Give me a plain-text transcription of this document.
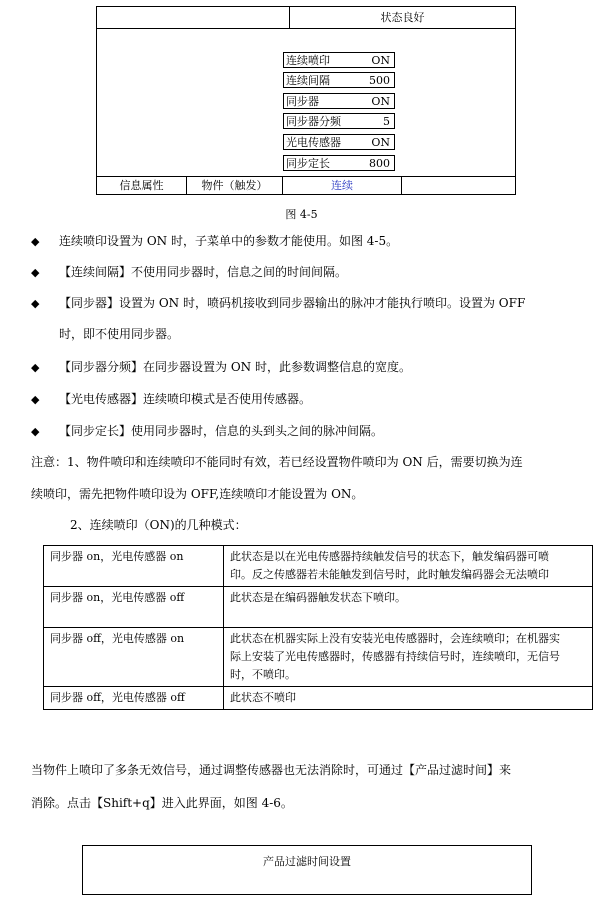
状态良好
连续喷印	ON
连续间隔	500
同步器	ON
同步器分频	5
光电传感器	ON
同步定长	800
信息属性	物件（触发）	连续
图 4-5
◆ 连续喷印设置为 ON 时，子菜单中的参数才能使用。如图 4-5。
◆ 【连续间隔】不使用同步器时，信息之间的时间间隔。
◆ 【同步器】设置为 ON 时，喷码机接收到同步器输出的脉冲才能执行喷印。设置为 OFF
时，即不使用同步器。
◆ 【同步器分频】在同步器设置为 ON 时，此参数调整信息的宽度。
◆ 【光电传感器】连续喷印模式是否使用传感器。
◆ 【同步定长】使用同步器时，信息的头到头之间的脉冲间隔。
注意：1、物件喷印和连续喷印不能同时有效，若已经设置物件喷印为 ON 后，需要切换为连
续喷印，需先把物件喷印设为 OFF,连续喷印才能设置为 ON。
2、连续喷印（ON)的几种模式：
同步器 on，光电传感器 on	此状态是以在光电传感器持续触发信号的状态下，触发编码器可喷
印。反之传感器若未能触发到信号时，此时触发编码器会无法喷印

同步器 on，光电传感器 off	此状态是在编码器触发状态下喷印。

同步器 off，光电传感器 on	此状态在机器实际上没有安装光电传感器时，会连续喷印；在机器实
际上安装了光电传感器时，传感器有持续信号时，连续喷印，无信号
时，不喷印。

同步器 off，光电传感器 off	此状态不喷印
当物件上喷印了多条无效信号，通过调整传感器也无法消除时，可通过【产品过滤时间】来
消除。点击【Shift+q】进入此界面，如图 4-6。
产品过滤时间设置
